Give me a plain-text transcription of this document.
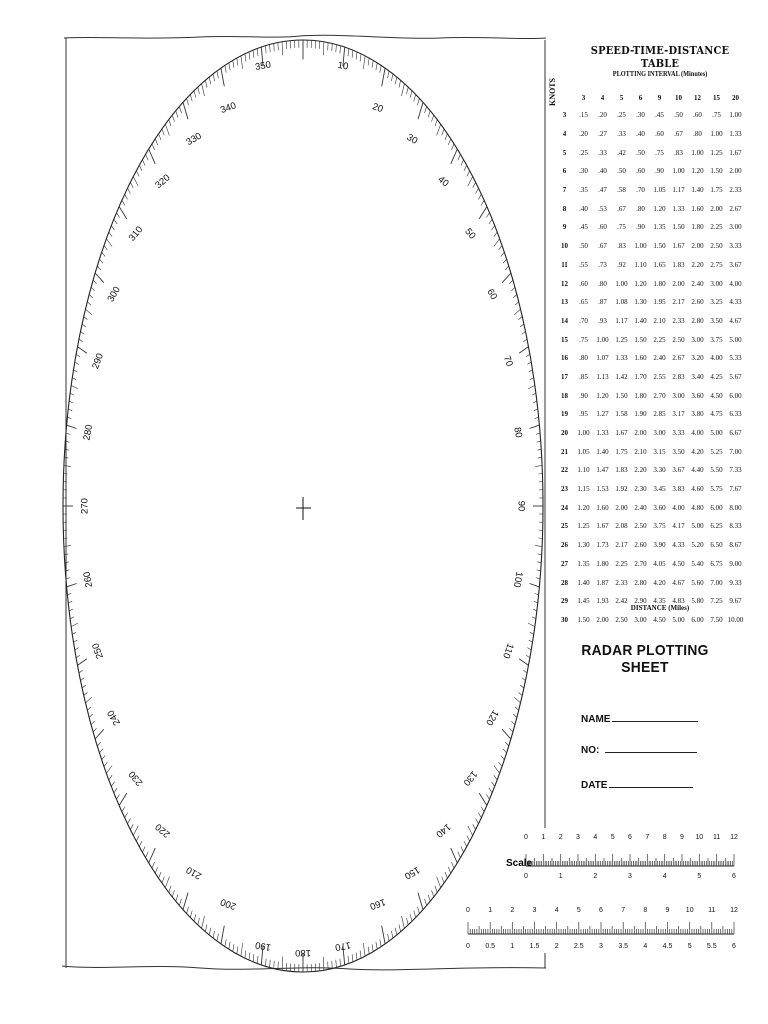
350	10
20
30
40
50
60
70
80
90
100
110
120
130
140
150
160
170
180
190
200
210
220
230
240
250
260
270
280
290
300
310
320
330
340
0 1 2 3 4 5 6 7 8 9 10 11 12
0	1	2	3	4	5	6
Scale
0	1	2	3	4	5	6	7	8	9 10 11 12
0 0.5 1 1.5 2 2.5 3 3.5 4 4.5 5 5.5 6
SPEED-TIME-DISTANCE TABLE
PLOTTING INTERVAL (Minutes)
KNOTS
		3	4	5	6	9	10	12	15	20
3	.15	.20	.25	.30	.45	.50	.60	.75	1.00
4	.20	.27	.33	.40	.60	.67	.80	1.00	1.33
5	.25	.33	.42	.50	.75	.83	1.00	1.25	1.67
6	.30	.40	.50	.60	.90	1.00	1.20	1.50	2.00
7	.35	.47	.58	.70	1.05	1.17	1.40	1.75	2.33
8	.40	.53	.67	.80	1.20	1.33	1.60	2.00	2.67
9	.45	.60	.75	.90	1.35	1.50	1.80	2.25	3.00
10	.50	.67	.83	1.00	1.50	1.67	2.00	2.50	3.33
11	.55	.73	.92	1.10	1.65	1.83	2.20	2.75	3.67
12	.60	.80	1.00	1.20	1.80	2.00	2.40	3.00	4.00
13	.65	.87	1.08	1.30	1.95	2.17	2.60	3.25	4.33
14	.70	.93	1.17	1.40	2.10	2.33	2.80	3.50	4.67
15	.75	1.00	1.25	1.50	2.25	2.50	3.00	3.75	5.00
16	.80	1.07	1.33	1.60	2.40	2.67	3.20	4.00	5.33
17	.85	1.13	1.42	1.70	2.55	2.83	3.40	4.25	5.67
18	.90	1.20	1.50	1.80	2.70	3.00	3.60	4.50	6.00
19	.95	1.27	1.58	1.90	2.85	3.17	3.80	4.75	6.33
20	1.00	1.33	1.67	2.00	3.00	3.33	4.00	5.00	6.67
21	1.05	1.40	1.75	2.10	3.15	3.50	4.20	5.25	7.00
22	1.10	1.47	1.83	2.20	3.30	3.67	4.40	5.50	7.33
23	1.15	1.53	1.92	2.30	3.45	3.83	4.60	5.75	7.67
24	1.20	1.60	2.00	2.40	3.60	4.00	4.80	6.00	8.00
25	1.25	1.67	2.08	2.50	3.75	4.17	5.00	6.25	8.33
26	1.30	1.73	2.17	2.60	3.90	4.33	5.20	6.50	8.67
27	1.35	1.80	2.25	2.70	4.05	4.50	5.40	6.75	9.00
28	1.40	1.87	2.33	2.80	4.20	4.67	5.60	7.00	9.33
29	1.45	1.93	2.42	2.90	4.35	4.83	5.80	7.25	9.67
30	1.50	2.00	2.50	3.00	4.50	5.00	6.00	7.50	10.00
DISTANCE (Miles)
RADAR PLOTTING SHEET
NAME
NO:
DATE
